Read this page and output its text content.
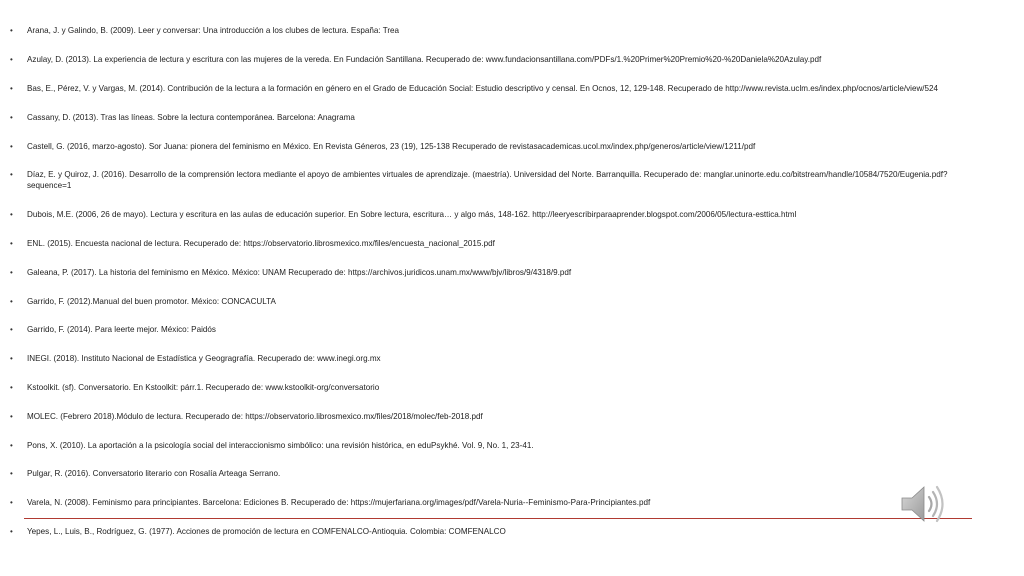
• Arana, J. y Galindo, B. (2009). Leer y conversar: Una introducción a los clubes de lectura. España: Trea
• Azulay, D. (2013). La experiencia de lectura y escritura con las mujeres de la vereda. En Fundación Santillana. Recuperado de: www.fundacionsantillana.com/PDFs/1.%20Primer%20Premio%20-%20Daniela%20Azulay.pdf
• Bas, E., Pérez, V. y Vargas, M. (2014). Contribución de la lectura a la formación en género en el Grado de Educación Social: Estudio descriptivo y censal. En Ocnos, 12, 129-148. Recuperado de http://www.revista.uclm.es/index.php/ocnos/article/view/524
• Cassany, D. (2013). Tras las líneas. Sobre la lectura contemporánea. Barcelona: Anagrama
• Castell, G. (2016, marzo-agosto). Sor Juana: pionera del feminismo en México. En Revista Géneros, 23 (19), 125-138 Recuperado de revistasacademicas.ucol.mx/index.php/generos/article/view/1211/pdf
• Díaz, E. y Quiroz, J. (2016). Desarrollo de la comprensión lectora mediante el apoyo de ambientes virtuales de aprendizaje. (maestría). Universidad del Norte. Barranquilla. Recuperado de: manglar.uninorte.edu.co/bitstream/handle/10584/7520/Eugenia.pdf?sequence=1
• Dubois, M.E. (2006, 26 de mayo). Lectura y escritura en las aulas de educación superior. En Sobre lectura, escritura… y algo más, 148-162. http://leeryescribirparaaprender.blogspot.com/2006/05/lectura-esttica.html
• ENL. (2015). Encuesta nacional de lectura. Recuperado de: https://observatorio.librosmexico.mx/files/encuesta_nacional_2015.pdf
• Galeana, P. (2017). La historia del feminismo en México. México: UNAM Recuperado de: https://archivos.juridicos.unam.mx/www/bjv/libros/9/4318/9.pdf
• Garrido, F. (2012).Manual del buen promotor. México: CONCACULTA
• Garrido, F. (2014). Para leerte mejor. México: Paidós
• INEGI. (2018). Instituto Nacional de Estadística y Geogragrafía. Recuperado de: www.inegi.org.mx
• Kstoolkit. (sf). Conversatorio. En Kstoolkit: párr.1. Recuperado de: www.kstoolkit-org/conversatorio
• MOLEC. (Febrero 2018).Módulo de lectura. Recuperado de: https://observatorio.librosmexico.mx/files/2018/molec/feb-2018.pdf
• Pons, X. (2010). La aportación a la psicología social del interaccionismo simbólico: una revisión histórica, en eduPsykhé. Vol. 9, No. 1, 23-41.
• Pulgar, R. (2016). Conversatorio literario con Rosalía Arteaga Serrano.
• Varela, N. (2008). Feminismo para principiantes. Barcelona: Ediciones B. Recuperado de: https://mujerfariana.org/images/pdf/Varela-Nuria--Feminismo-Para-Principiantes.pdf
• Yepes, L., Luis, B., Rodríguez, G. (1977). Acciones de promoción de lectura en COMFENALCO-Antioquia. Colombia: COMFENALCO
